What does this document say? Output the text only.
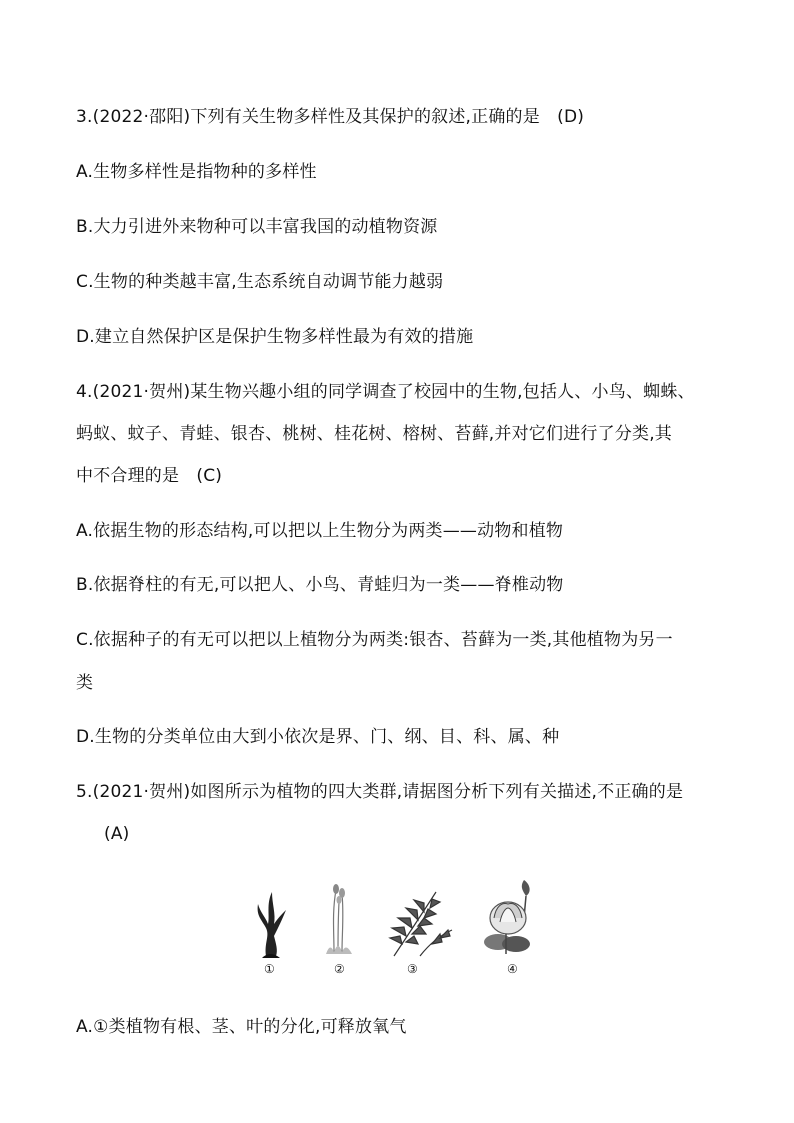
3.(2022·邵阳)下列有关生物多样性及其保护的叙述,正确的是　(D)
A.生物多样性是指物种的多样性
B.大力引进外来物种可以丰富我国的动植物资源
C.生物的种类越丰富,生态系统自动调节能力越弱
D.建立自然保护区是保护生物多样性最为有效的措施
4.(2021·贺州)某生物兴趣小组的同学调查了校园中的生物,包括人、小鸟、蜘蛛、
蚂蚁、蚊子、青蛙、银杏、桃树、桂花树、榕树、苔藓,并对它们进行了分类,其
中不合理的是　(C)
A.依据生物的形态结构,可以把以上生物分为两类——动物和植物
B.依据脊柱的有无,可以把人、小鸟、青蛙归为一类——脊椎动物
C.依据种子的有无可以把以上植物分为两类:银杏、苔藓为一类,其他植物为另一
类
D.生物的分类单位由大到小依次是界、门、纲、目、科、属、种
5.(2021·贺州)如图所示为植物的四大类群,请据图分析下列有关描述,不正确的是
(A)
①	②	③	④
A.①类植物有根、茎、叶的分化,可释放氧气
